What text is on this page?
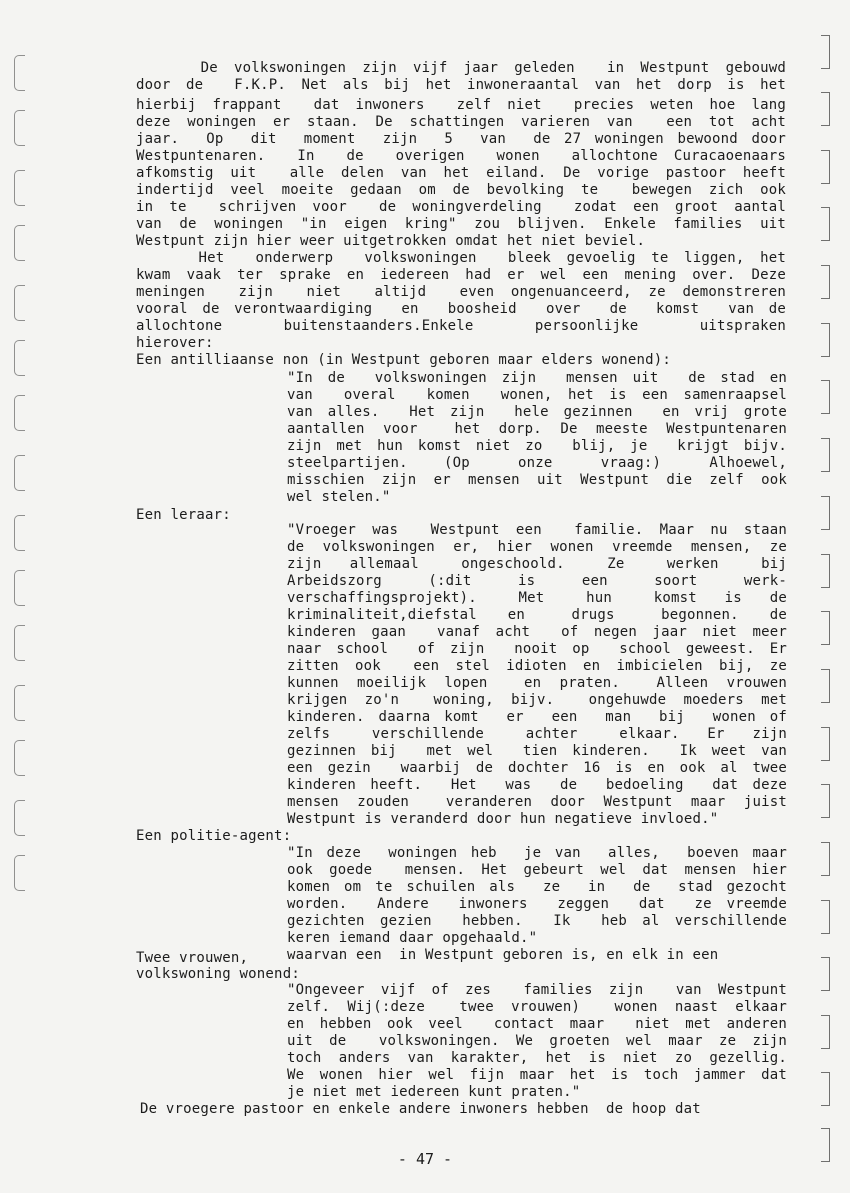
De volkswoningen zijn vijf jaar geleden  in Westpunt gebouwd
door de  F.K.P. Net als bij het inwoneraantal van het dorp is het
hierbij frappant  dat inwoners  zelf niet  precies weten hoe lang
deze woningen er staan. De schattingen varieren van  een tot acht
jaar.  Op  dit  moment  zijn  5  van  de 27 woningen bewoond door
Westpuntenaren.  In  de  overigen  wonen  allochtone Curacaoenaars
afkomstig uit  alle delen van het eiland. De vorige pastoor heeft
indertijd veel moeite gedaan om de bevolking te  bewegen zich ook
in te  schrijven voor  de woningverdeling  zodat een groot aantal
van de woningen "in eigen kring" zou blijven. Enkele families uit
Westpunt zijn hier weer uitgetrokken omdat het niet beviel.
Het  onderwerp  volkswoningen  bleek gevoelig te liggen, het
kwam vaak ter sprake en iedereen had er wel een mening over. Deze
meningen  zijn  niet  altijd  even ongenuanceerd, ze demonstreren
vooral de verontwaardiging  en  boosheid  over  de  komst  van de
allochtone    buitenstaanders.Enkele    persoonlijke    uitspraken
hierover:
Een antilliaanse non (in Westpunt geboren maar elders wonend):
"In de  volkswoningen zijn  mensen uit  de stad en
van  overal  komen  wonen, het is een samenraapsel
van alles.  Het zijn  hele gezinnen  en vrij grote
aantallen voor  het dorp. De meeste Westpuntenaren
zijn met hun komst niet zo  blij, je  krijgt bijv.
steelpartijen.   (Op    onze    vraag:)    Alhoewel,
misschien zijn er mensen uit Westpunt die zelf ook
wel stelen."
Een leraar:
"Vroeger was  Westpunt een  familie. Maar nu staan
de volkswoningen er, hier wonen vreemde mensen, ze
zijn  allemaal   ongeschoold.   Ze   werken   bij
Arbeidszorg    (:dit    is    een    soort    werk-
verschaffingsprojekt).   Met   hun   komst  is  de
kriminaliteit,diefstal  en   drugs   begonnen.  de
kinderen gaan  vanaf acht  of negen jaar niet meer
naar school  of zijn  nooit op  school geweest. Er
zitten ook  een stel idioten en imbicielen bij, ze
kunnen moeilijk lopen  en praten.  Alleen vrouwen
krijgen zo'n  woning, bijv.  ongehuwde moeders met
kinderen. daarna komt  er  een  man  bij  wonen of
zelfs   verschillende   achter   elkaar.  Er  zijn
gezinnen bij  met wel  tien kinderen.  Ik weet van
een gezin  waarbij de dochter 16 is en ook al twee
kinderen heeft.  Het  was  de  bedoeling  dat deze
mensen zouden  veranderen door Westpunt maar juist
Westpunt is veranderd door hun negatieve invloed."
Een politie-agent:
"In deze  woningen heb  je van  alles,  boeven maar
ook goede  mensen. Het gebeurt wel dat mensen hier
komen om te schuilen als  ze  in  de  stad gezocht
worden.  Andere  inwoners  zeggen  dat  ze vreemde
gezichten gezien  hebben.  Ik  heb al verschillende
keren iemand daar opgehaald."
Twee vrouwen,	waarvan een  in Westpunt geboren is, en elk in een
volkswoning wonend:
"Ongeveer vijf of zes  families zijn  van Westpunt
zelf. Wij(:deze  twee vrouwen)  wonen naast elkaar
en hebben ook veel  contact maar  niet met anderen
uit de  volkswoningen. We groeten wel maar ze zijn
toch anders van karakter, het is niet zo gezellig.
We wonen hier wel fijn maar het is toch jammer dat
je niet met iedereen kunt praten."
De vroegere pastoor en enkele andere inwoners hebben  de hoop dat
- 47 -
